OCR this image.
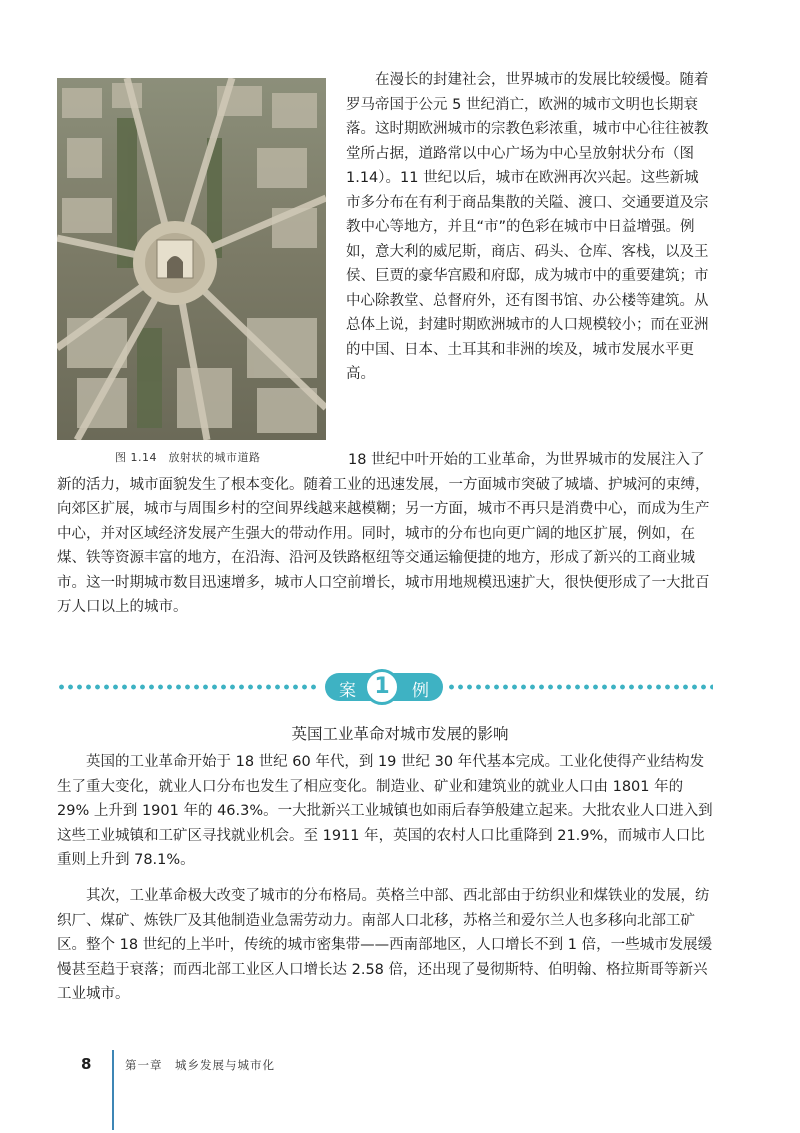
图 1.14　放射状的城市道路
　　在漫长的封建社会，世界城市的发展比较缓慢。随着罗马帝国于公元 5 世纪消亡，欧洲的城市文明也长期衰落。这时期欧洲城市的宗教色彩浓重，城市中心往往被教堂所占据，道路常以中心广场为中心呈放射状分布（图 1.14）。11 世纪以后，城市在欧洲再次兴起。这些新城市多分布在有利于商品集散的关隘、渡口、交通要道及宗教中心等地方，并且“市”的色彩在城市中日益增强。例如，意大利的威尼斯，商店、码头、仓库、客栈，以及王侯、巨贾的豪华宫殿和府邸，成为城市中的重要建筑；市中心除教堂、总督府外，还有图书馆、办公楼等建筑。从总体上说，封建时期欧洲城市的人口规模较小；而在亚洲的中国、日本、土耳其和非洲的埃及，城市发展水平更高。
18 世纪中叶开始的工业革命，为世界城市的发展注入了新的活力，城市面貌发生了根本变化。随着工业的迅速发展，一方面城市突破了城墙、护城河的束缚，向郊区扩展，城市与周围乡村的空间界线越来越模糊；另一方面，城市不再只是消费中心，而成为生产中心，并对区域经济发展产生强大的带动作用。同时，城市的分布也向更广阔的地区扩展，例如，在煤、铁等资源丰富的地方，在沿海、沿河及铁路枢纽等交通运输便捷的地方，形成了新兴的工商业城市。这一时期城市数目迅速增多，城市人口空前增长，城市用地规模迅速扩大，很快便形成了一大批百万人口以上的城市。
案 1	例
英国工业革命对城市发展的影响
　　英国的工业革命开始于 18 世纪 60 年代，到 19 世纪 30 年代基本完成。工业化使得产业结构发生了重大变化，就业人口分布也发生了相应变化。制造业、矿业和建筑业的就业人口由 1801 年的 29% 上升到 1901 年的 46.3%。一大批新兴工业城镇也如雨后春笋般建立起来。大批农业人口进入到这些工业城镇和工矿区寻找就业机会。至 1911 年，英国的农村人口比重降到 21.9%，而城市人口比重则上升到 78.1%。
　　其次，工业革命极大改变了城市的分布格局。英格兰中部、西北部由于纺织业和煤铁业的发展，纺织厂、煤矿、炼铁厂及其他制造业急需劳动力。南部人口北移，苏格兰和爱尔兰人也多移向北部工矿区。整个 18 世纪的上半叶，传统的城市密集带——西南部地区，人口增长不到 1 倍，一些城市发展缓慢甚至趋于衰落；而西北部工业区人口增长达 2.58 倍，还出现了曼彻斯特、伯明翰、格拉斯哥等新兴工业城市。
8	第一章　城乡发展与城市化
